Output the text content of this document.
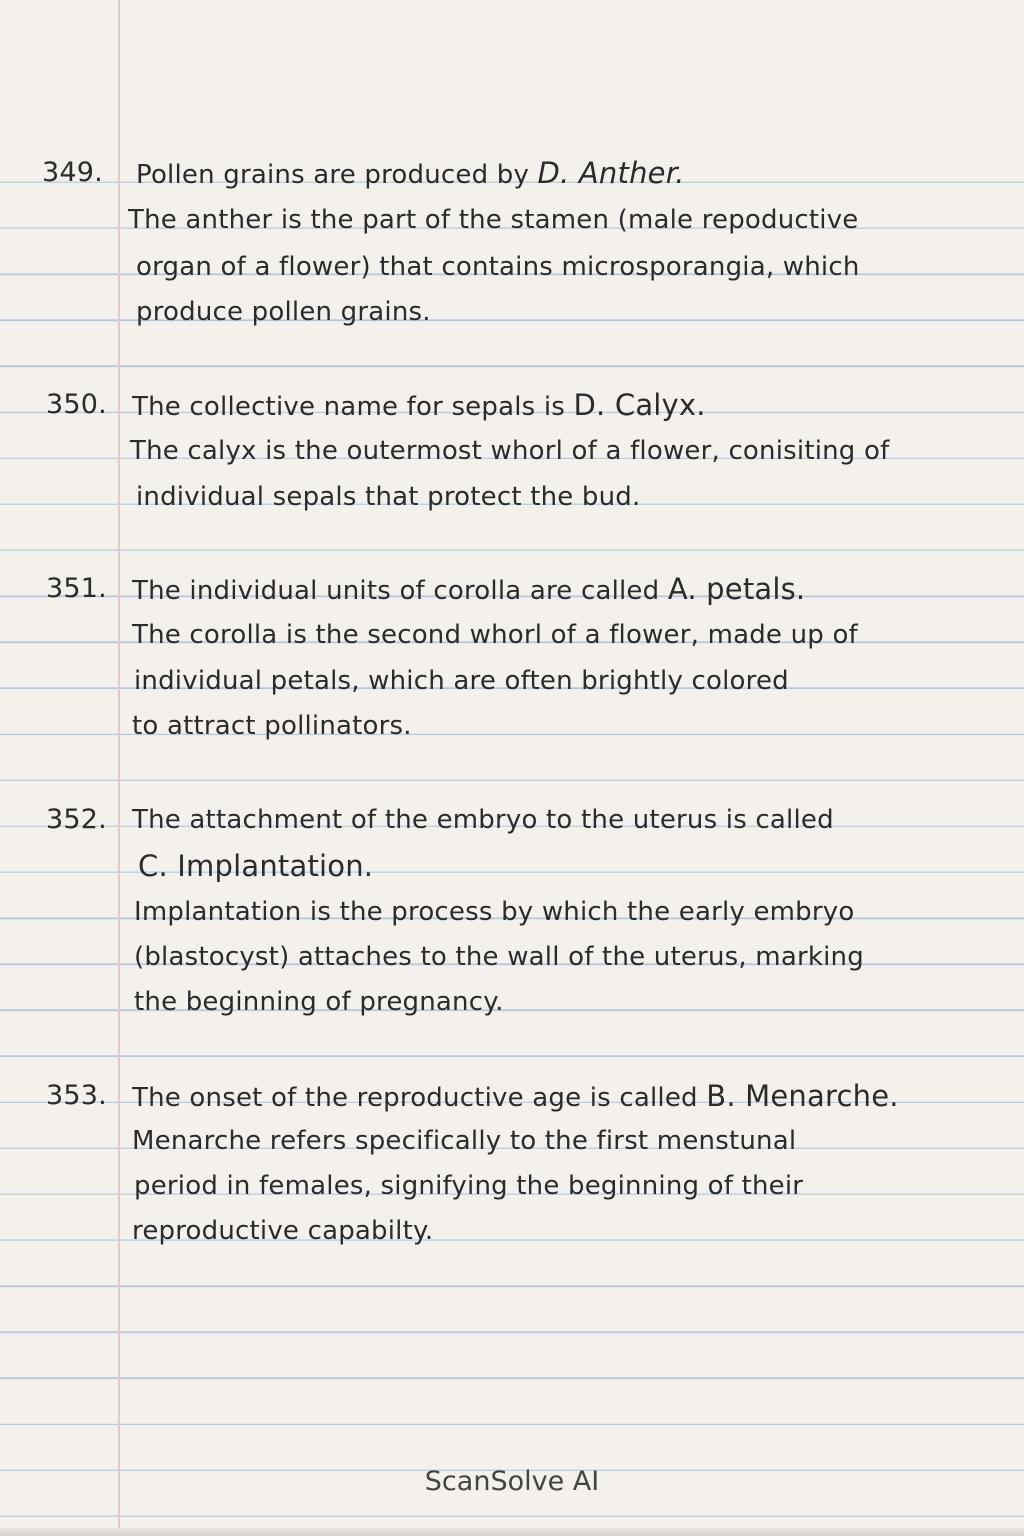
349. Pollen grains are produced by D. Anther.
The anther is the part of the stamen (male repoductive
organ of a flower) that contains microsporangia, which
produce pollen grains.
350. The collective name for sepals is D. Calyx.
The calyx is the outermost whorl of a flower, conisiting of
individual sepals that protect the bud.
351. The individual units of corolla are called A. petals.
The corolla is the second whorl of a flower, made up of
individual petals, which are often brightly colored
to attract pollinators.
352. The attachment of the embryo to the uterus is called
C. Implantation.
Implantation is the process by which the early embryo
(blastocyst) attaches to the wall of the uterus, marking
the beginning of pregnancy.
353. The onset of the reproductive age is called B. Menarche.
Menarche refers specifically to the first menstunal
period in females, signifying the beginning of their
reproductive capabilty.
ScanSolve AI
